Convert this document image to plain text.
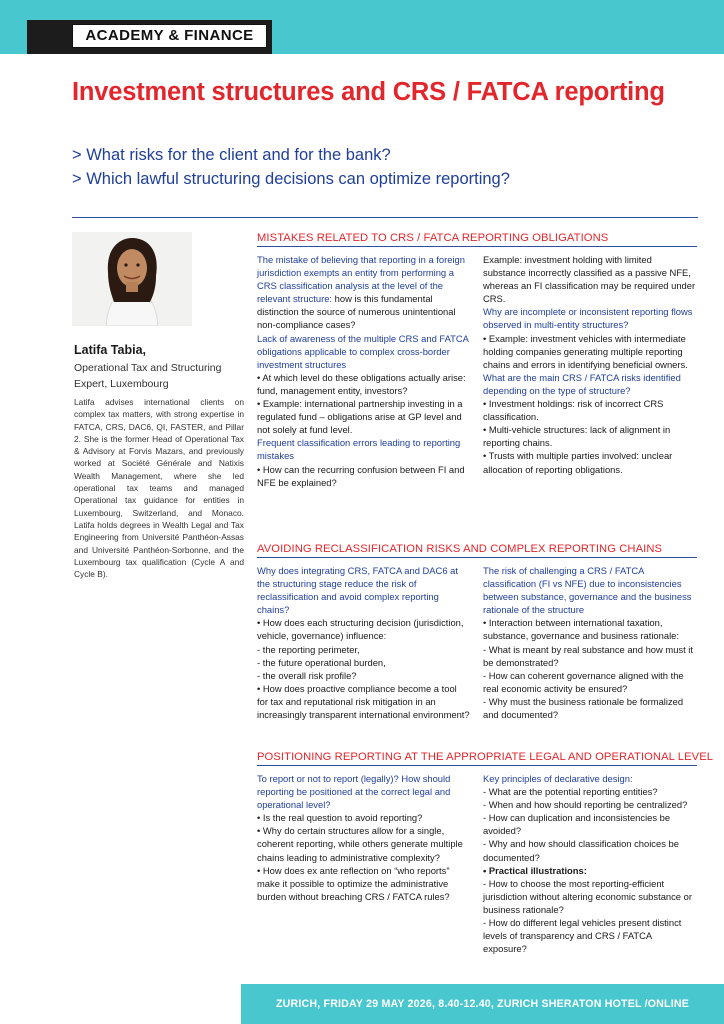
ACADEMY & FINANCE
Investment structures and CRS / FATCA reporting
> What risks for the client and for the bank?
> Which lawful structuring decisions can optimize reporting?
Latifa Tabia,
Operational Tax and Structuring
Expert, Luxembourg

Latifa advises international clients on complex tax matters, with strong expertise in FATCA, CRS, DAC6, QI, FASTER, and Pillar 2. She is the former Head of Operational Tax & Advisory at Forvis Mazars, and previously worked at Société Générale and Natixis Wealth Management, where she led operational tax teams and managed Operational tax guidance for entities in Luxembourg, Switzerland, and Monaco. Latifa holds degrees in Wealth Legal and Tax Engineering from Université Panthéon-Assas and Université Panthéon-Sorbonne, and the Luxembourg tax qualification (Cycle A and Cycle B).

MISTAKES RELATED TO CRS / FATCA REPORTING OBLIGATIONS

The mistake of believing that reporting in a foreign jurisdiction exempts an entity from performing a CRS classification analysis at the level of the relevant structure: how is this fundamental distinction the source of numerous unintentional non-compliance cases?

Lack of awareness of the multiple CRS and FATCA obligations applicable to complex cross-border investment structures

• At which level do these obligations actually arise: fund, management entity, investors?

• Example: international partnership investing in a regulated fund – obligations arise at GP level and not solely at fund level.

Frequent classification errors leading to reporting mistakes

• How can the recurring confusion between FI and NFE be explained?

Example: investment holding with limited substance incorrectly classified as a passive NFE, whereas an FI classification may be required under CRS.

Why are incomplete or inconsistent reporting flows observed in multi-entity structures?

• Example: investment vehicles with intermediate holding companies generating multiple reporting chains and errors in identifying beneficial owners.

What are the main CRS / FATCA risks identified depending on the type of structure?

• Investment holdings: risk of incorrect CRS classification.

• Multi-vehicle structures: lack of alignment in reporting chains.

• Trusts with multiple parties involved: unclear allocation of reporting obligations.

AVOIDING RECLASSIFICATION RISKS AND COMPLEX REPORTING CHAINS

Why does integrating CRS, FATCA and DAC6 at the structuring stage reduce the risk of reclassification and avoid complex reporting chains?

• How does each structuring decision (jurisdiction, vehicle, governance) influence:

- the reporting perimeter,

- the future operational burden,

- the overall risk profile?

• How does proactive compliance become a tool for tax and reputational risk mitigation in an increasingly transparent international environment?

The risk of challenging a CRS / FATCA classification (FI vs NFE) due to inconsistencies between substance, governance and the business rationale of the structure

• Interaction between international taxation, substance, governance and business rationale:

- What is meant by real substance and how must it be demonstrated?

- How can coherent governance aligned with the real economic activity be ensured?

- Why must the business rationale be formalized and documented?

POSITIONING REPORTING AT THE APPROPRIATE LEGAL AND OPERATIONAL LEVEL

To report or not to report (legally)? How should reporting be positioned at the correct legal and operational level?

• Is the real question to avoid reporting?

• Why do certain structures allow for a single, coherent reporting, while others generate multiple chains leading to administrative complexity?

• How does ex ante reflection on “who reports” make it possible to optimize the administrative burden without breaching CRS / FATCA rules?

Key principles of declarative design:

- What are the potential reporting entities?

- When and how should reporting be centralized?

- How can duplication and inconsistencies be avoided?

- Why and how should classification choices be documented?

• Practical illustrations:

- How to choose the most reporting-efficient jurisdiction without altering economic substance or business rationale?

- How do different legal vehicles present distinct levels of transparency and CRS / FATCA exposure?

ZURICH, FRIDAY 29 MAY 2026, 8.40-12.40, ZURICH SHERATON HOTEL /ONLINE
